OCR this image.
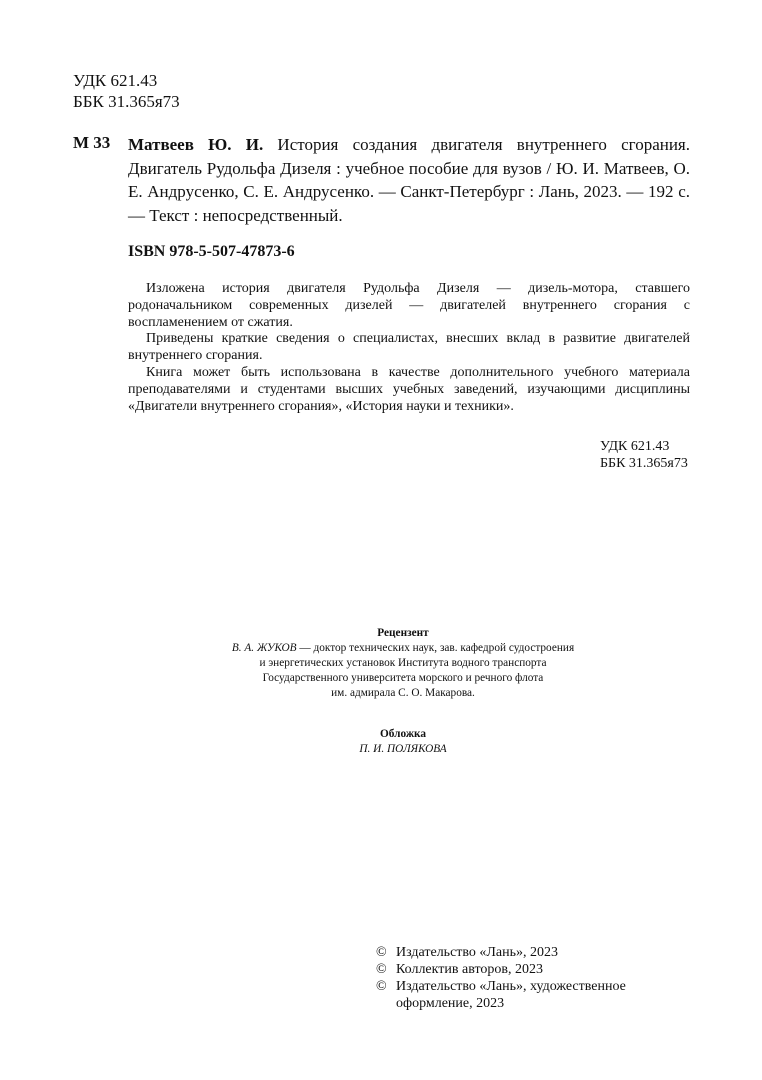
УДК 621.43
ББК 31.365я73
М 33 Матвеев Ю. И. История создания двигателя внутреннего сгорания. Двигатель Рудольфа Дизеля : учебное пособие для вузов / Ю. И. Матвеев, О. Е. Андрусенко, С. Е. Андрусенко. — Санкт-Петербург : Лань, 2023. — 192 с. — Текст : непосредственный.
ISBN 978-5-507-47873-6

Изложена история двигателя Рудольфа Дизеля — дизель-мотора, ставшего родоначальником современных дизелей — двигателей внутреннего сгорания с воспламенением от сжатия.

Приведены краткие сведения о специалистах, внесших вклад в развитие двигателей внутреннего сгорания.

Книга может быть использована в качестве дополнительного учебного материала преподавателями и студентами высших учебных заведений, изучающими дисциплины «Двигатели внутреннего сгорания», «История науки и техники».

УДК 621.43
ББК 31.365я73
Рецензент
В. А. ЖУКОВ — доктор технических наук, зав. кафедрой судостроения
и энергетических установок Института водного транспорта
Государственного университета морского и речного флота
им. адмирала С. О. Макарова.
Обложка
П. И. ПОЛЯКОВА
© Издательство «Лань», 2023
© Коллектив авторов, 2023
© Издательство «Лань», художественное оформление, 2023
